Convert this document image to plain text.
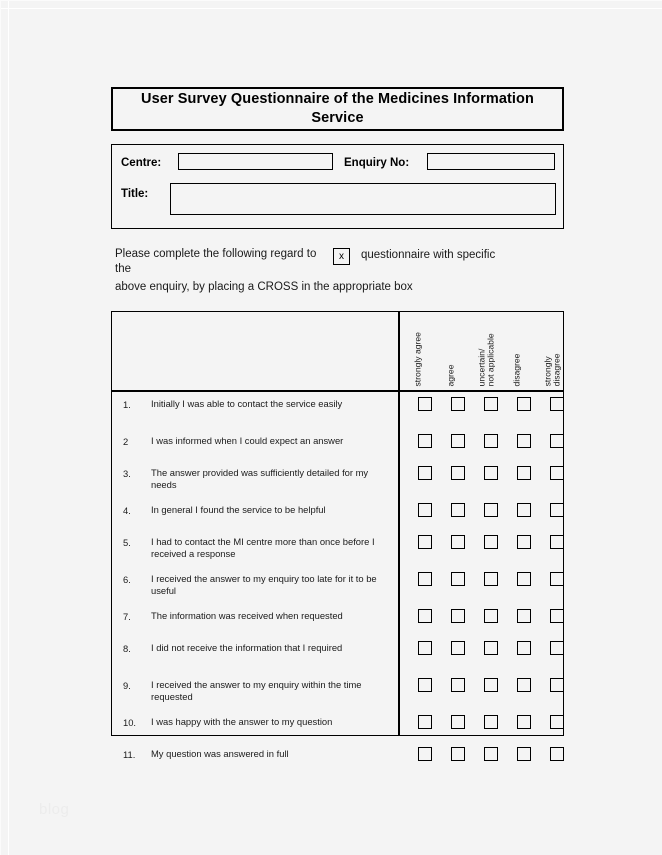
User Survey Questionnaire of the Medicines Information Service
Centre:	Enquiry No:
Title:
Please complete the following regard to the
x questionnaire with specific
above enquiry, by placing a CROSS in the appropriate box
strongly agree	agree uncertain/ not applicable disagree strongly disagree
1. Initially I was able to contact the service easily
2 I was informed when I could expect an answer
3. The answer provided was sufficiently detailed for my needs
4. In general I found the service to be helpful
5. I had to contact the MI centre more than once before I received a response
6. I received the answer to my enquiry too late for it to be useful
7. The information was received when requested
8. I did not receive the information that I required
9. I received the answer to my enquiry within the time requested
10. I was happy with the answer to my question
11. My question was answered in full
blog
